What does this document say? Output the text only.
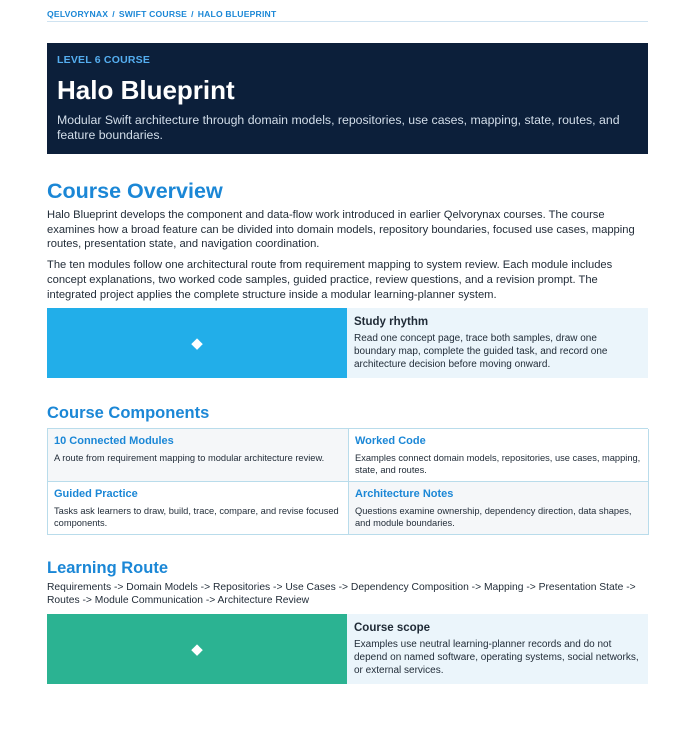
QELVORYNAX / SWIFT COURSE / HALO BLUEPRINT
LEVEL 6 COURSE
Halo Blueprint

Modular Swift architecture through domain models, repositories, use cases, mapping, state, routes, and feature boundaries.

Course Overview

Halo Blueprint develops the component and data-flow work introduced in earlier Qelvorynax courses. The course examines how a broad feature can be divided into domain models, repository boundaries, focused use cases, mapping routes, presentation state, and navigation coordination.

The ten modules follow one architectural route from requirement mapping to system review. Each module includes concept explanations, two worked code samples, guided practice, review questions, and a revision prompt. The integrated project applies the complete structure inside a modular learning-planner system.

◆
Study rhythm
Read one concept page, trace both samples, draw one boundary map, complete the guided task, and record one architecture decision before moving onward.
Course Components
10 Connected Modules
A route from requirement mapping to modular architecture review.
Worked Code
Examples connect domain models, repositories, use cases, mapping, state, and routes.
Guided Practice
Tasks ask learners to draw, build, trace, compare, and revise focused components.
Architecture Notes
Questions examine ownership, dependency direction, data shapes, and module boundaries.
Learning Route

Requirements -> Domain Models -> Repositories -> Use Cases -> Dependency Composition -> Mapping -> Presentation State -> Routes -> Module Communication -> Architecture Review

◆
Course scope
Examples use neutral learning-planner records and do not depend on named software, operating systems, social networks, or external services.
